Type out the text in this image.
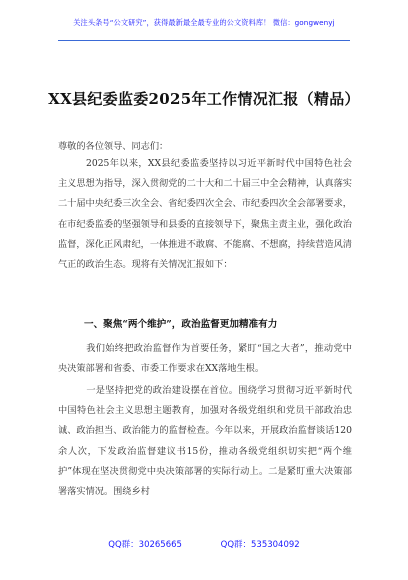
关注头条号“公文研究”，获得最新最全最专业的公文资料库！ 微信：gongwenyj
XX县纪委监委2025年工作情况汇报（精品）
尊敬的各位领导、同志们：
2025年以来，XX县纪委监委坚持以习近平新时代中国特色社会主义思想为指导，深入贯彻党的二十大和二十届三中全会精神，认真落实二十届中央纪委三次全会、省纪委四次全会、市纪委四次全会部署要求，在市纪委监委的坚强领导和县委的直接领导下，聚焦主责主业，强化政治监督，深化正风肃纪，一体推进不敢腐、不能腐、不想腐，持续营造风清气正的政治生态。现将有关情况汇报如下：
一、聚焦“两个维护”，政治监督更加精准有力
我们始终把政治监督作为首要任务，紧盯“国之大者”，推动党中央决策部署和省委、市委工作要求在XX落地生根。
一是坚持把党的政治建设摆在首位。围绕学习贯彻习近平新时代中国特色社会主义思想主题教育，加强对各级党组织和党员干部政治忠诚、政治担当、政治能力的监督检查。今年以来，开展政治监督谈话120余人次，下发政治监督建议书15份，推动各级党组织切实把“两个维护”体现在坚决贯彻党中央决策部署的实际行动上。二是紧盯重大决策部署落实情况。围绕乡村
QQ群：30265665	QQ群：535304092
